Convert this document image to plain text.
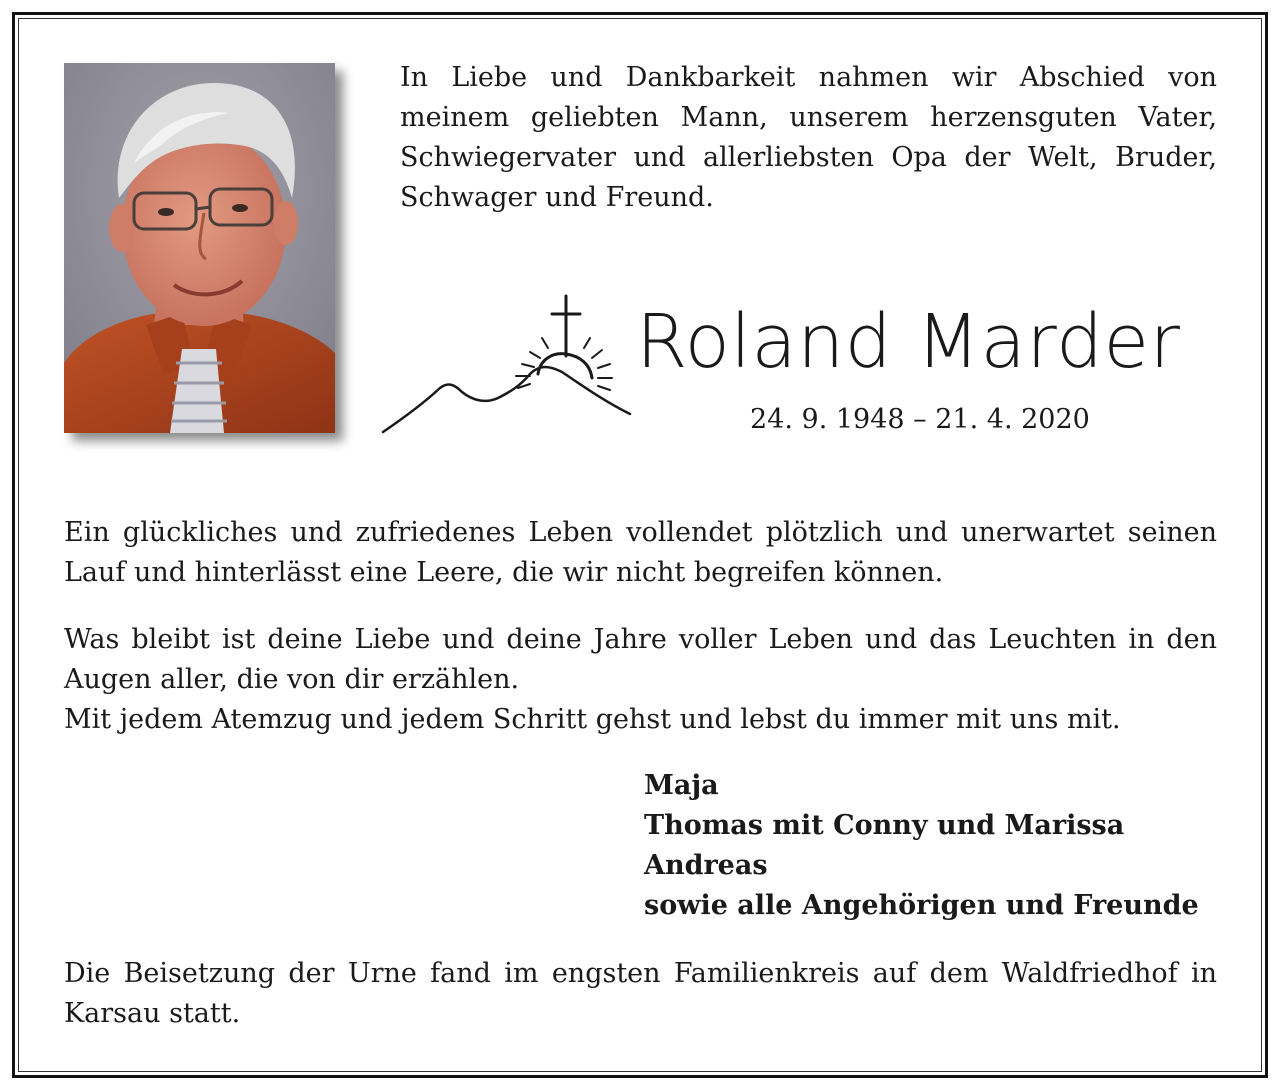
In Liebe und Dankbarkeit nahmen wir Abschied von meinem geliebten Mann, unserem herzensguten Vater, Schwiegervater und allerliebsten Opa der Welt, Bruder, Schwager und Freund.

Roland Marder

24. 9. 1948 – 21. 4. 2020

Ein glückliches und zufriedenes Leben vollendet plötzlich und unerwartet seinen Lauf und hinterlässt eine Leere, die wir nicht begreifen können.

Was bleibt ist deine Liebe und deine Jahre voller Leben und das Leuchten in den Augen aller, die von dir erzählen.

Mit jedem Atemzug und jedem Schritt gehst und lebst du immer mit uns mit.

Maja
Thomas mit Conny und Marissa
Andreas
sowie alle Angehörigen und Freunde

Die Beisetzung der Urne fand im engsten Familienkreis auf dem Waldfriedhof in Karsau statt.
